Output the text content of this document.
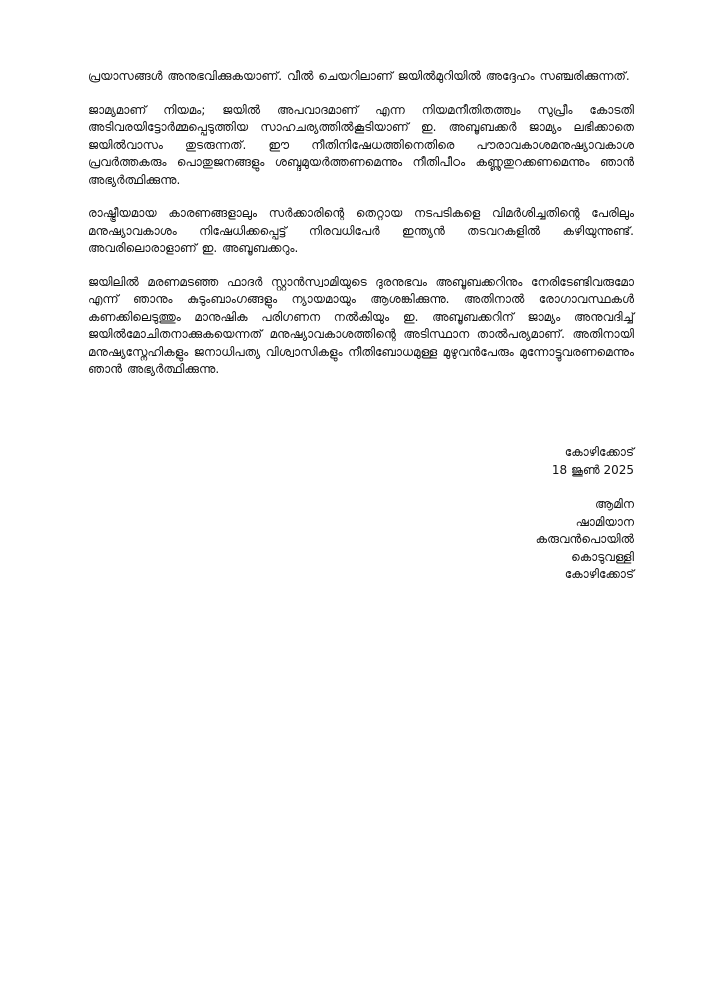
പ്രയാസങ്ങൾ അനുഭവിക്കുകയാണ്. വീൽ ചെയറിലാണ് ജയിൽമുറിയിൽ അദ്ദേഹം സഞ്ചരിക്കുന്നത്.

ജാമ്യമാണ് നിയമം; ജയിൽ അപവാദമാണ് എന്ന നിയമനീതിതത്ത്വം സുപ്രീം കോടതി അടിവരയിട്ടോർമ്മപ്പെടുത്തിയ സാഹചര്യത്തിൽകൂടിയാണ് ഇ. അബൂബക്കർ ജാമ്യം ലഭിക്കാതെ ജയിൽവാസം തുടരുന്നത്. ഈ നീതിനിഷേധത്തിനെതിരെ പൗരാവകാശമനുഷ്യാവകാശ പ്രവർത്തകരും പൊതുജനങ്ങളും ശബ്ദമുയർത്തണമെന്നും നീതിപീഠം കണ്ണുതുറക്കണമെന്നും ഞാൻ അഭ്യർത്ഥിക്കുന്നു.

രാഷ്ട്രീയമായ കാരണങ്ങളാലും സർക്കാരിന്റെ തെറ്റായ നടപടികളെ വിമർശിച്ചതിന്റെ പേരിലും മനുഷ്യാവകാശം നിഷേധിക്കപ്പെട്ട് നിരവധിപേർ ഇന്ത്യൻ തടവറകളിൽ കഴിയുന്നുണ്ട്. അവരിലൊരാളാണ് ഇ. അബൂബക്കറും.

ജയിലിൽ മരണമടഞ്ഞ ഫാദർ സ്റ്റാൻസ്വാമിയുടെ ദുരനുഭവം അബൂബക്കറിനും നേരിടേണ്ടിവരുമോ എന്ന് ഞാനും കുടുംബാംഗങ്ങളും ന്യായമായും ആശങ്കിക്കുന്നു. അതിനാൽ രോഗാവസ്ഥകൾ കണക്കിലെടുത്തും മാനുഷിക പരിഗണന നൽകിയും ഇ. അബൂബക്കറിന് ജാമ്യം അനുവദിച്ച് ജയിൽമോചിതനാക്കുകയെന്നത് മനുഷ്യാവകാശത്തിന്റെ അടിസ്ഥാന താൽപര്യമാണ്. അതിനായി മനുഷ്യസ്നേഹികളും ജനാധിപത്യ വിശ്വാസികളും നീതിബോധമുള്ള മുഴുവൻപേരും മുന്നോട്ടുവരണമെന്നും ഞാൻ അഭ്യർത്ഥിക്കുന്നു.

കോഴിക്കോട്
18 ജൂൺ 2025
ആമിന
ഷാമിയാന
കരുവൻപൊയിൽ
കൊടുവള്ളി
കോഴിക്കോട്
